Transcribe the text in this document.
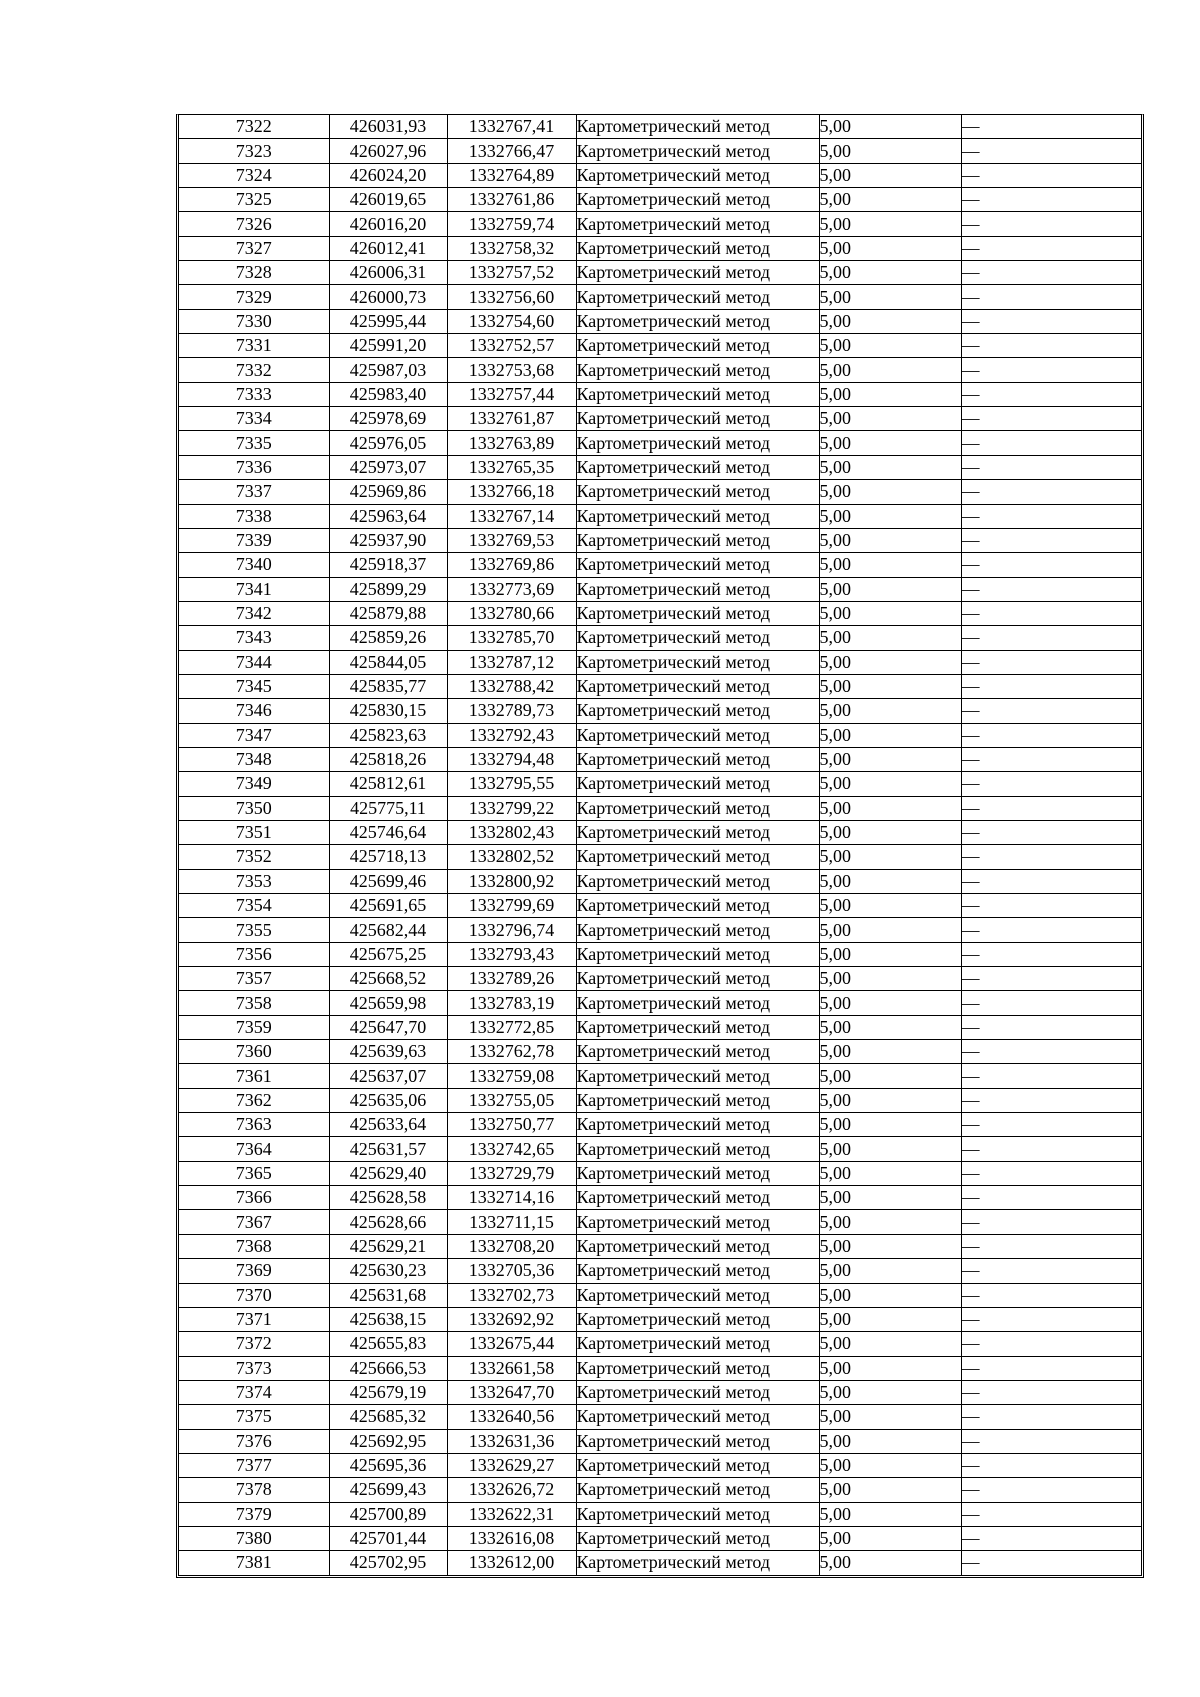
7322	426031,93	1332767,41	Картометрический метод	5,00	—
7323	426027,96	1332766,47	Картометрический метод	5,00	—
7324	426024,20	1332764,89	Картометрический метод	5,00	—
7325	426019,65	1332761,86	Картометрический метод	5,00	—
7326	426016,20	1332759,74	Картометрический метод	5,00	—
7327	426012,41	1332758,32	Картометрический метод	5,00	—
7328	426006,31	1332757,52	Картометрический метод	5,00	—
7329	426000,73	1332756,60	Картометрический метод	5,00	—
7330	425995,44	1332754,60	Картометрический метод	5,00	—
7331	425991,20	1332752,57	Картометрический метод	5,00	—
7332	425987,03	1332753,68	Картометрический метод	5,00	—
7333	425983,40	1332757,44	Картометрический метод	5,00	—
7334	425978,69	1332761,87	Картометрический метод	5,00	—
7335	425976,05	1332763,89	Картометрический метод	5,00	—
7336	425973,07	1332765,35	Картометрический метод	5,00	—
7337	425969,86	1332766,18	Картометрический метод	5,00	—
7338	425963,64	1332767,14	Картометрический метод	5,00	—
7339	425937,90	1332769,53	Картометрический метод	5,00	—
7340	425918,37	1332769,86	Картометрический метод	5,00	—
7341	425899,29	1332773,69	Картометрический метод	5,00	—
7342	425879,88	1332780,66	Картометрический метод	5,00	—
7343	425859,26	1332785,70	Картометрический метод	5,00	—
7344	425844,05	1332787,12	Картометрический метод	5,00	—
7345	425835,77	1332788,42	Картометрический метод	5,00	—
7346	425830,15	1332789,73	Картометрический метод	5,00	—
7347	425823,63	1332792,43	Картометрический метод	5,00	—
7348	425818,26	1332794,48	Картометрический метод	5,00	—
7349	425812,61	1332795,55	Картометрический метод	5,00	—
7350	425775,11	1332799,22	Картометрический метод	5,00	—
7351	425746,64	1332802,43	Картометрический метод	5,00	—
7352	425718,13	1332802,52	Картометрический метод	5,00	—
7353	425699,46	1332800,92	Картометрический метод	5,00	—
7354	425691,65	1332799,69	Картометрический метод	5,00	—
7355	425682,44	1332796,74	Картометрический метод	5,00	—
7356	425675,25	1332793,43	Картометрический метод	5,00	—
7357	425668,52	1332789,26	Картометрический метод	5,00	—
7358	425659,98	1332783,19	Картометрический метод	5,00	—
7359	425647,70	1332772,85	Картометрический метод	5,00	—
7360	425639,63	1332762,78	Картометрический метод	5,00	—
7361	425637,07	1332759,08	Картометрический метод	5,00	—
7362	425635,06	1332755,05	Картометрический метод	5,00	—
7363	425633,64	1332750,77	Картометрический метод	5,00	—
7364	425631,57	1332742,65	Картометрический метод	5,00	—
7365	425629,40	1332729,79	Картометрический метод	5,00	—
7366	425628,58	1332714,16	Картометрический метод	5,00	—
7367	425628,66	1332711,15	Картометрический метод	5,00	—
7368	425629,21	1332708,20	Картометрический метод	5,00	—
7369	425630,23	1332705,36	Картометрический метод	5,00	—
7370	425631,68	1332702,73	Картометрический метод	5,00	—
7371	425638,15	1332692,92	Картометрический метод	5,00	—
7372	425655,83	1332675,44	Картометрический метод	5,00	—
7373	425666,53	1332661,58	Картометрический метод	5,00	—
7374	425679,19	1332647,70	Картометрический метод	5,00	—
7375	425685,32	1332640,56	Картометрический метод	5,00	—
7376	425692,95	1332631,36	Картометрический метод	5,00	—
7377	425695,36	1332629,27	Картометрический метод	5,00	—
7378	425699,43	1332626,72	Картометрический метод	5,00	—
7379	425700,89	1332622,31	Картометрический метод	5,00	—
7380	425701,44	1332616,08	Картометрический метод	5,00	—
7381	425702,95	1332612,00	Картометрический метод	5,00	—
